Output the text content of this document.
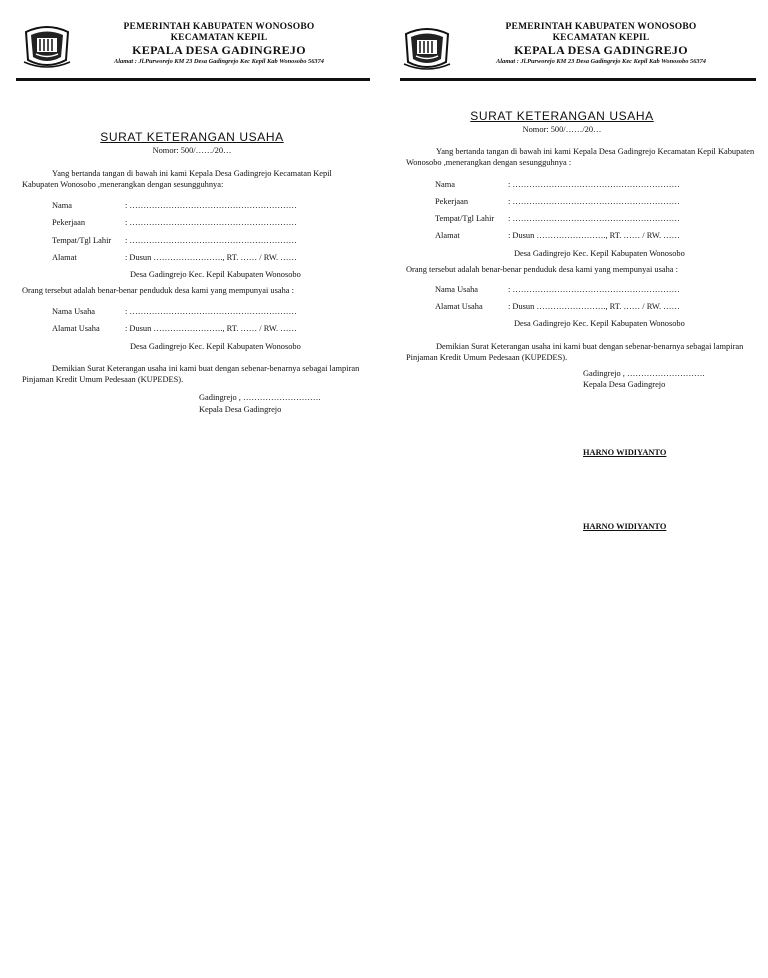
PEMERINTAH KABUPATEN WONOSOBO
KECAMATAN KEPIL
KEPALA DESA GADINGREJO
Alamat : Jl.Purworejo KM 23 Desa Gadingrejo Kec Kepil Kab Wonosobo 56374
SURAT KETERANGAN USAHA
Nomor: 500/……/20…
Yang bertanda tangan di bawah ini kami Kepala Desa Gadingrejo Kecamatan Kepil Kabupaten Wonosobo ,menerangkan dengan sesungguhnya:
Nama	: ……………………………………………………
Pekerjaan	: ……………………………………………………
Tempat/Tgl Lahir : ……………………………………………………
Alamat	: Dusun ……………………., RT. …… / RW. ……
Desa Gadingrejo Kec. Kepil Kabupaten Wonosobo
Orang tersebut adalah benar-benar penduduk desa kami yang mempunyai usaha :
Nama Usaha	: ……………………………………………………
Alamat Usaha	: Dusun ……………………., RT. …… / RW. ……
Desa Gadingrejo Kec. Kepil Kabupaten Wonosobo
Demikian Surat Keterangan usaha ini kami buat dengan sebenar-benarnya sebagai lampiran Pinjaman Kredit Umum Pedesaan (KUPEDES).
Gadingrejo , ……………………….
Kepala Desa Gadingrejo
PEMERINTAH KABUPATEN WONOSOBO
KECAMATAN KEPIL
KEPALA DESA GADINGREJO
Alamat : Jl.Purworejo KM 23 Desa Gadingrejo Kec Kepil Kab Wonosobo 56374
SURAT KETERANGAN USAHA
Nomor: 500/……/20…
Yang bertanda tangan di bawah ini kami Kepala Desa Gadingrejo Kecamatan Kepil Kabupaten Wonosobo ,menerangkan dengan sesungguhnya :
Nama	: ……………………………………………………
Pekerjaan	: ……………………………………………………
Tempat/Tgl Lahir : ……………………………………………………
Alamat	: Dusun ……………………., RT. …… / RW. ……
Desa Gadingrejo Kec. Kepil Kabupaten Wonosobo
Orang tersebut adalah benar-benar penduduk desa kami yang mempunyai usaha :
Nama Usaha	: ……………………………………………………
Alamat Usaha	: Dusun ……………………., RT. …… / RW. ……
Desa Gadingrejo Kec. Kepil Kabupaten Wonosobo
Demikian Surat Keterangan usaha ini kami buat dengan sebenar-benarnya sebagai lampiran Pinjaman Kredit Umum Pedesaan (KUPEDES).
Gadingrejo , ……………………….
Kepala Desa Gadingrejo
HARNO WIDIYANTO
HARNO WIDIYANTO
